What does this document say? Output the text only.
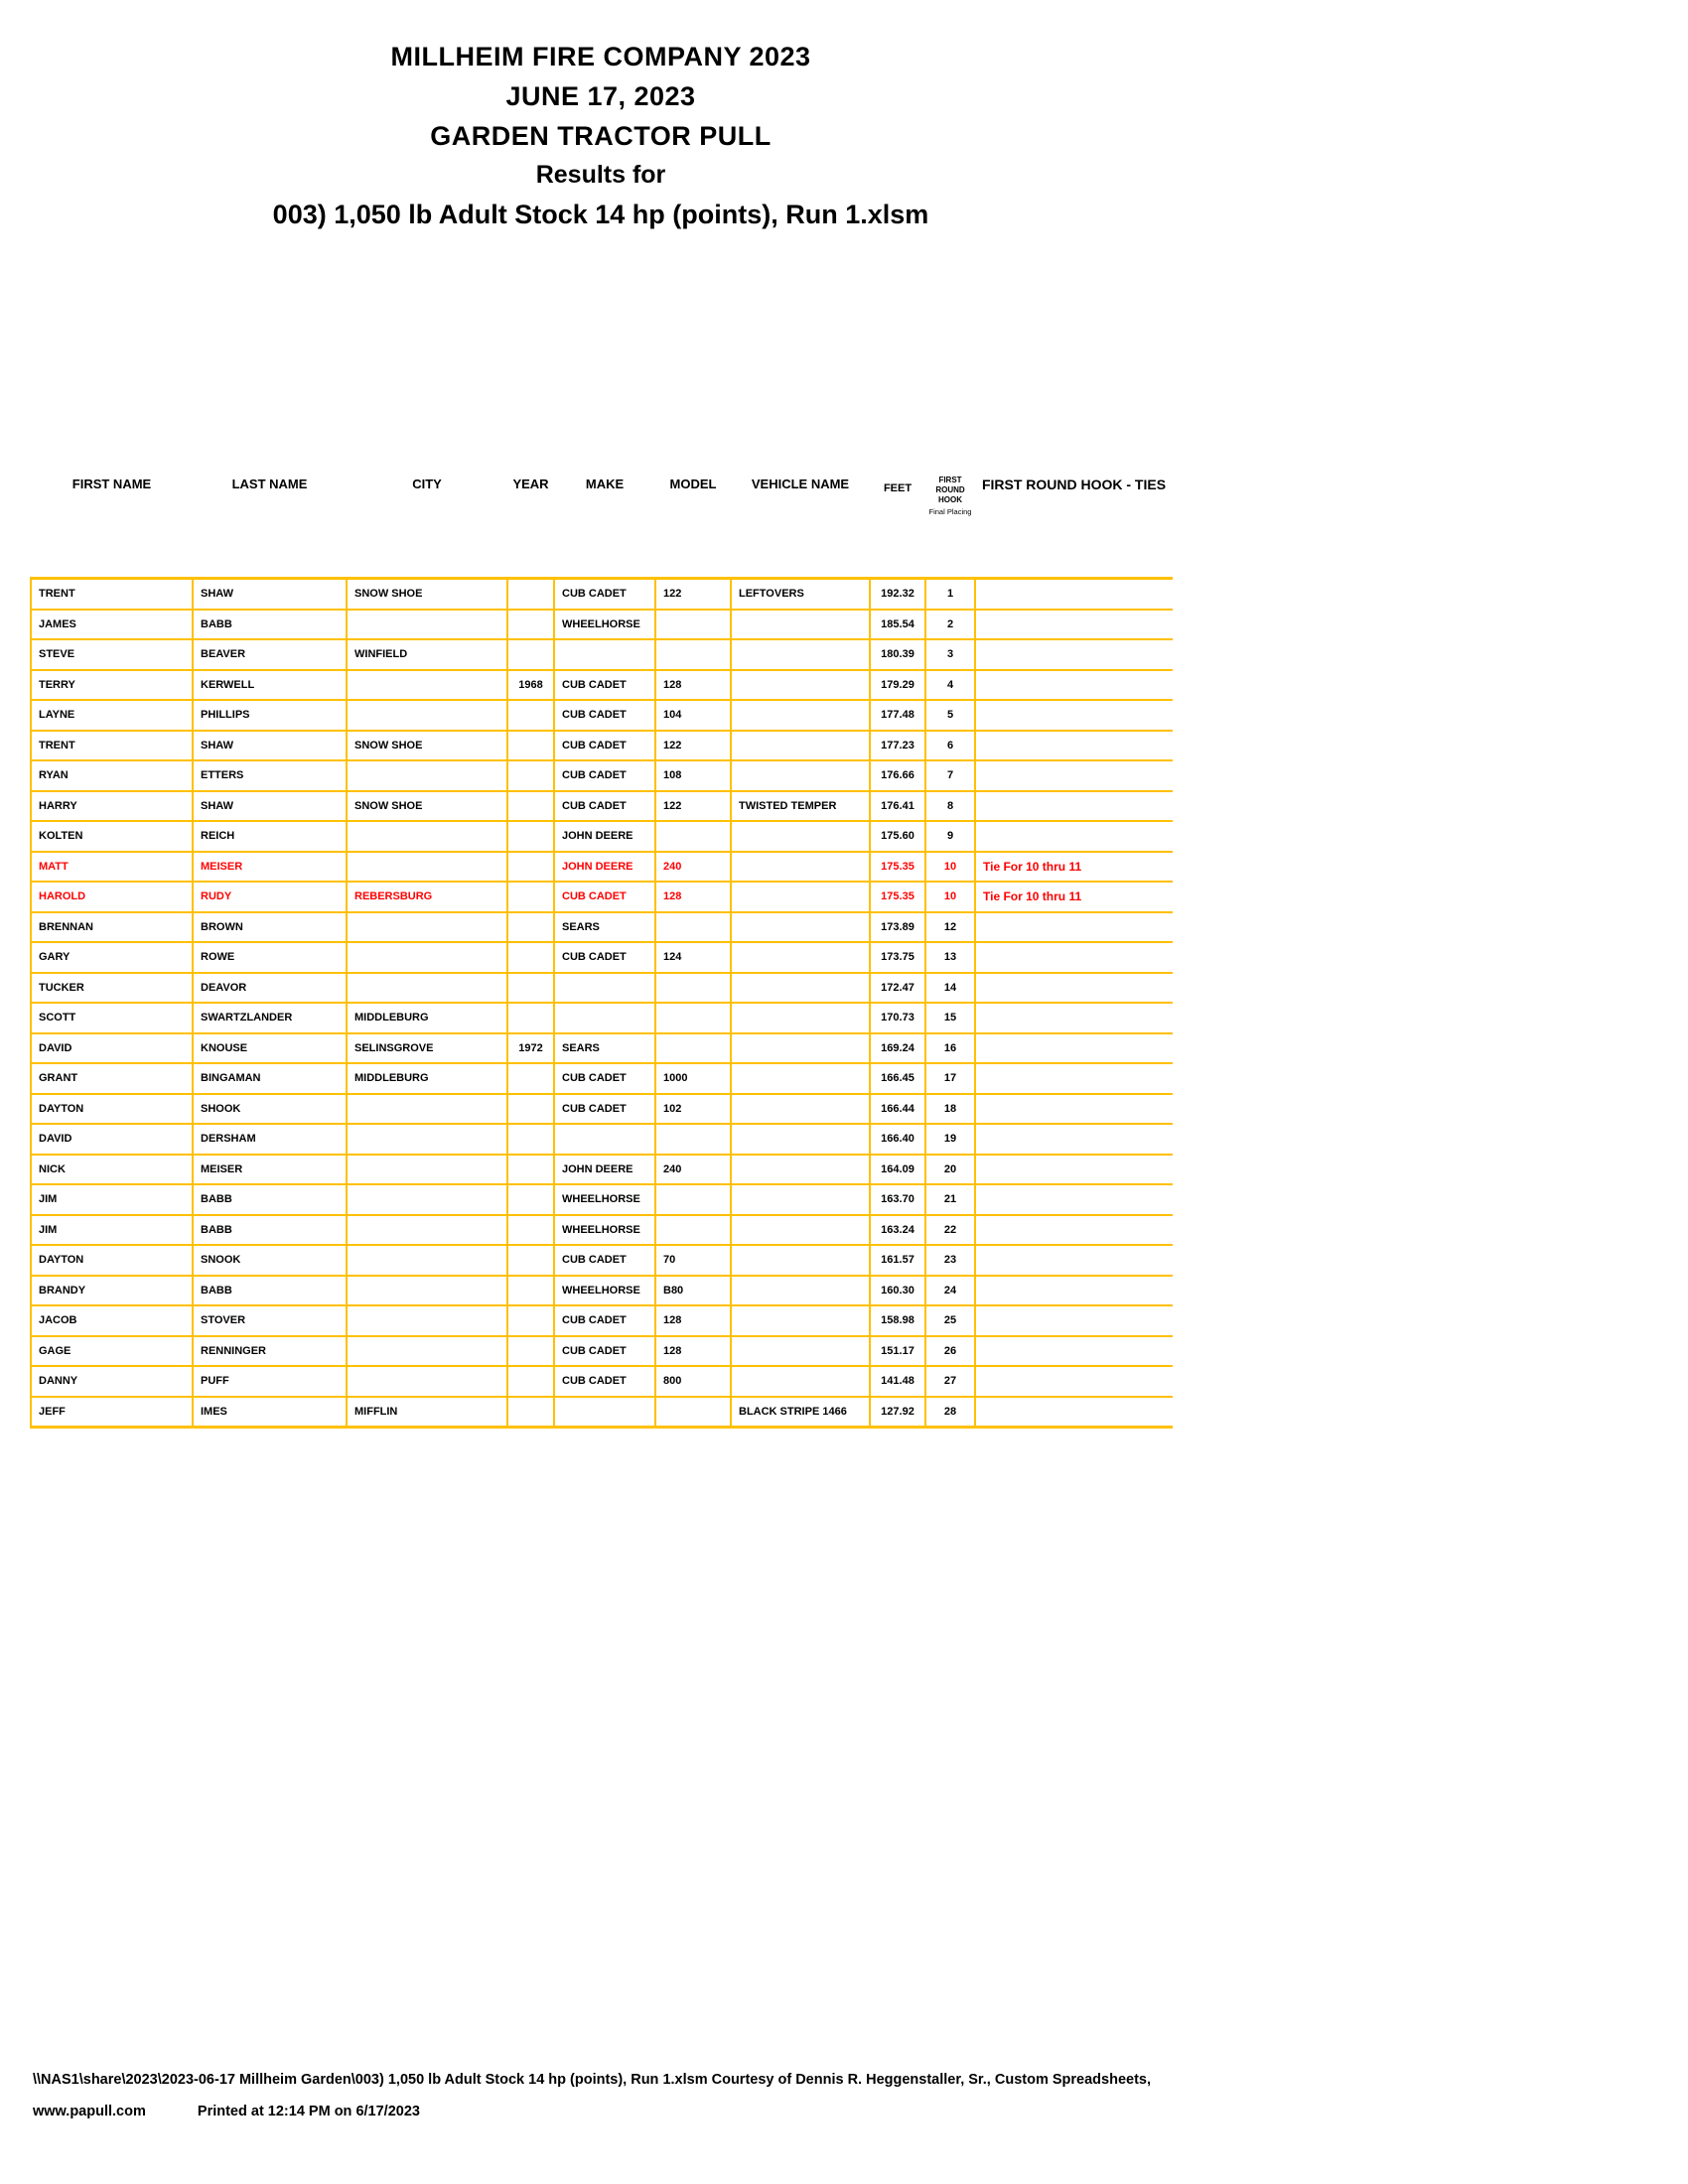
MILLHEIM FIRE COMPANY 2023
JUNE 17, 2023
GARDEN TRACTOR PULL
Results for
003) 1,050 lb Adult Stock 14 hp (points), Run 1.xlsm
FIRST NAME	LAST NAME	CITY	YEAR	MAKE	MODEL	VEHICLE NAME	FEET	FIRST ROUND HOOK
Final Placing	FIRST ROUND HOOK - TIES
TRENT	SHAW	SNOW SHOE		CUB CADET	122	LEFTOVERS	192.32	1	
JAMES	BABB			WHEELHORSE			185.54	2	
STEVE	BEAVER	WINFIELD					180.39	3	
TERRY	KERWELL		1968	CUB CADET	128		179.29	4	
LAYNE	PHILLIPS			CUB CADET	104		177.48	5	
TRENT	SHAW	SNOW SHOE		CUB CADET	122		177.23	6	
RYAN	ETTERS			CUB CADET	108		176.66	7	
HARRY	SHAW	SNOW SHOE		CUB CADET	122	TWISTED TEMPER	176.41	8	
KOLTEN	REICH			JOHN DEERE			175.60	9	
MATT	MEISER			JOHN DEERE	240		175.35	10	Tie For 10 thru 11
HAROLD	RUDY	REBERSBURG		CUB CADET	128		175.35	10	Tie For 10 thru 11
BRENNAN	BROWN			SEARS			173.89	12	
GARY	ROWE			CUB CADET	124		173.75	13	
TUCKER	DEAVOR						172.47	14	
SCOTT	SWARTZLANDER	MIDDLEBURG					170.73	15	
DAVID	KNOUSE	SELINSGROVE	1972	SEARS			169.24	16	
GRANT	BINGAMAN	MIDDLEBURG		CUB CADET	1000		166.45	17	
DAYTON	SHOOK			CUB CADET	102		166.44	18	
DAVID	DERSHAM						166.40	19	
NICK	MEISER			JOHN DEERE	240		164.09	20	
JIM	BABB			WHEELHORSE			163.70	21	
JIM	BABB			WHEELHORSE			163.24	22	
DAYTON	SNOOK			CUB CADET	70		161.57	23	
BRANDY	BABB			WHEELHORSE	B80		160.30	24	
JACOB	STOVER			CUB CADET	128		158.98	25	
GAGE	RENNINGER			CUB CADET	128		151.17	26	
DANNY	PUFF			CUB CADET	800		141.48	27	
JEFF	IMES	MIFFLIN				BLACK STRIPE 1466	127.92	28	
\\NAS1\share\2023\2023-06-17 Millheim Garden\003) 1,050 lb Adult Stock 14 hp (points), Run 1.xlsm Courtesy of Dennis R. Heggenstaller, Sr., Custom Spreadsheets,
www.papull.com	Printed at 12:14 PM on 6/17/2023
